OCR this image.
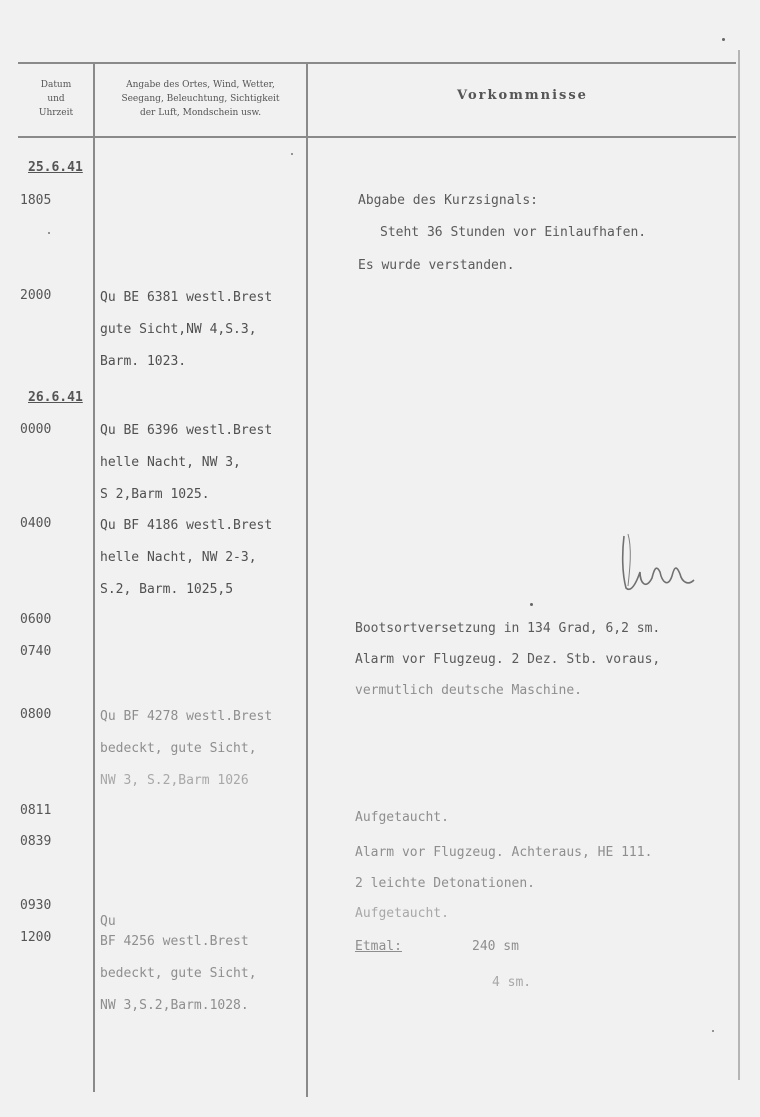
Datum
und
Uhrzeit
Angabe des Ortes, Wind, Wetter,
Seegang, Beleuchtung, Sichtigkeit
der Luft, Mondschein usw.
Vorkommnisse
25.6.41
26.6.41
1805
2000
0000
0400
0600
0740
0800
0811
0839
0930
1200
Qu BE 6381 westl.Brest
gute Sicht,NW 4,S.3,
Barm. 1023.
Qu BE 6396 westl.Brest
helle Nacht, NW 3,
S 2,Barm 1025.
Qu BF 4186 westl.Brest
helle Nacht, NW 2-3,
S.2, Barm. 1025,5
Qu BF 4278 westl.Brest
bedeckt, gute Sicht,
NW 3, S.2,Barm 1026
Qu
BF 4256 westl.Brest
bedeckt, gute Sicht,
NW 3,S.2,Barm.1028.
Abgabe des Kurzsignals:
Steht 36 Stunden vor Einlaufhafen.
Es wurde verstanden.
Bootsortversetzung in 134 Grad, 6,2 sm.
Alarm vor Flugzeug. 2 Dez. Stb. voraus,
vermutlich deutsche Maschine.
Aufgetaucht.
Alarm vor Flugzeug. Achteraus, HE 111.
2 leichte Detonationen.
Aufgetaucht.
Etmal:	240 sm
4 sm.
